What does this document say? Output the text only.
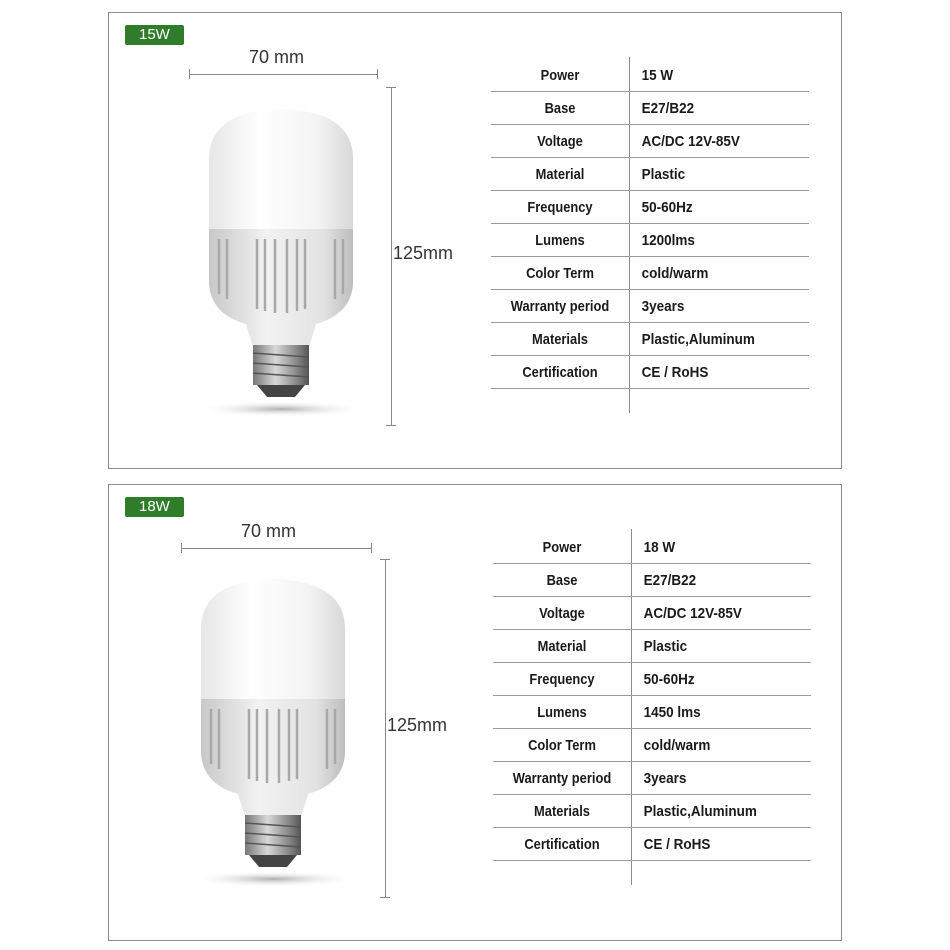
15W
70 mm
125mm
Power	15 W
Base	E27/B22
Voltage	AC/DC 12V-85V
Material	Plastic
Frequency	50-60Hz
Lumens	1200lms
Color Term	cold/warm
Warranty period	3years
Materials	Plastic,Aluminum
Certification	CE / RoHS
18W
70 mm
125mm
Power	18 W
Base	E27/B22
Voltage	AC/DC 12V-85V
Material	Plastic
Frequency	50-60Hz
Lumens	1450 lms
Color Term	cold/warm
Warranty period	3years
Materials	Plastic,Aluminum
Certification	CE / RoHS
